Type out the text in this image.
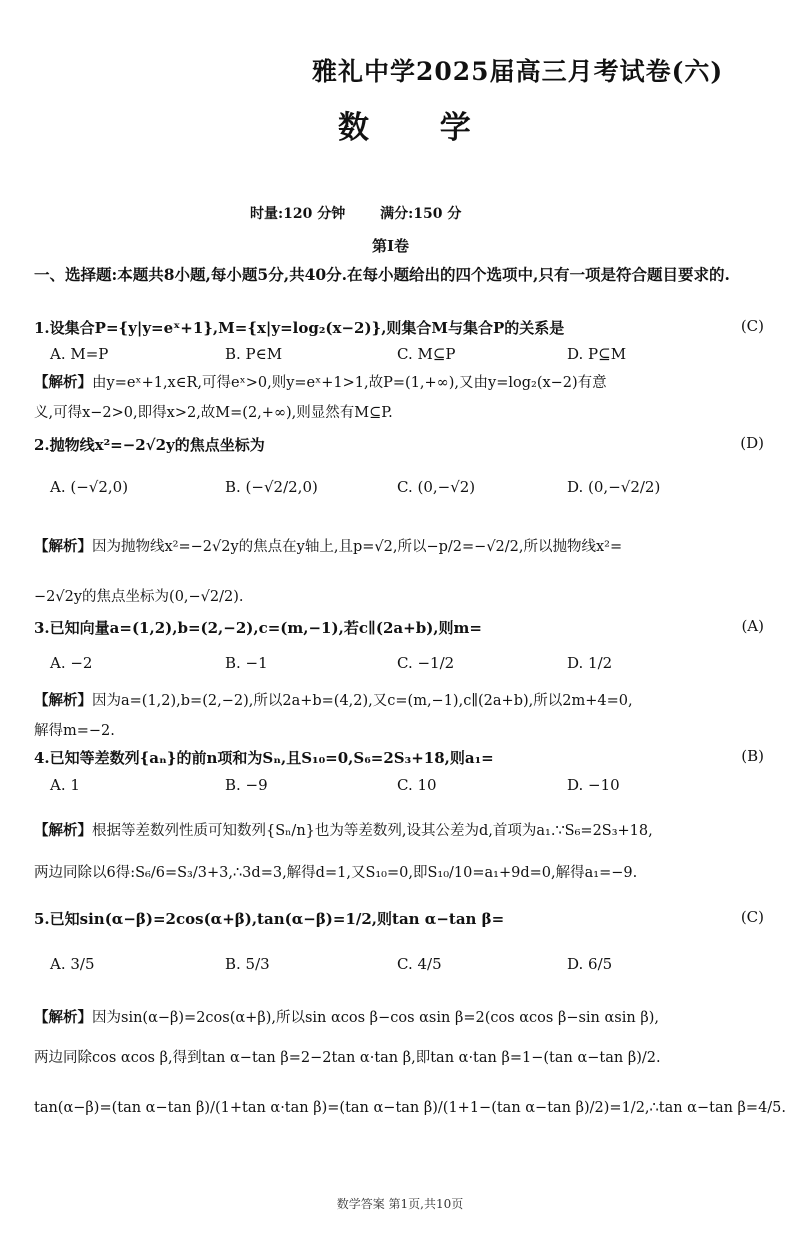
雅礼中学2025届高三月考试卷(六)
数 学
时量:120 分钟 满分:150 分
第Ⅰ卷
一、选择题:本题共8小题,每小题5分,共40分.在每小题给出的四个选项中,只有一项是符合题目要求的.
1.设集合P={y|y=eˣ+1},M={x|y=log₂(x−2)},则集合M与集合P的关系是	(C)
A. M=P	B. P∈M	C. M⊆P	D. P⊆M
【解析】由y=eˣ+1,x∈R,可得eˣ>0,则y=eˣ+1>1,故P=(1,+∞),又由y=log₂(x−2)有意
义,可得x−2>0,即得x>2,故M=(2,+∞),则显然有M⊆P.
2.抛物线x²=−2√2y的焦点坐标为	(D)
A. (−√2,0)	B. (−√2/2,0)	C. (0,−√2)	D. (0,−√2/2)
【解析】因为抛物线x²=−2√2y的焦点在y轴上,且p=√2,所以−p/2=−√2/2,所以抛物线x²=
−2√2y的焦点坐标为(0,−√2/2).
3.已知向量a=(1,2),b=(2,−2),c=(m,−1),若c∥(2a+b),则m=	(A)
A. −2	B. −1	C. −1/2	D. 1/2
【解析】因为a=(1,2),b=(2,−2),所以2a+b=(4,2),又c=(m,−1),c∥(2a+b),所以2m+4=0,
解得m=−2.
4.已知等差数列{aₙ}的前n项和为Sₙ,且S₁₀=0,S₆=2S₃+18,则a₁=	(B)
A. 1	B. −9	C. 10	D. −10
【解析】根据等差数列性质可知数列{Sₙ/n}也为等差数列,设其公差为d,首项为a₁.∵S₆=2S₃+18,
两边同除以6得:S₆/6=S₃/3+3,∴3d=3,解得d=1,又S₁₀=0,即S₁₀/10=a₁+9d=0,解得a₁=−9.
5.已知sin(α−β)=2cos(α+β),tan(α−β)=1/2,则tan α−tan β=	(C)
A. 3/5	B. 5/3	C. 4/5	D. 6/5
【解析】因为sin(α−β)=2cos(α+β),所以sin αcos β−cos αsin β=2(cos αcos β−sin αsin β),
两边同除cos αcos β,得到tan α−tan β=2−2tan α·tan β,即tan α·tan β=1−(tan α−tan β)/2.
tan(α−β)=(tan α−tan β)/(1+tan α·tan β)=(tan α−tan β)/(1+1−(tan α−tan β)/2)=1/2,∴tan α−tan β=4/5.
数学答案 第1页,共10页
